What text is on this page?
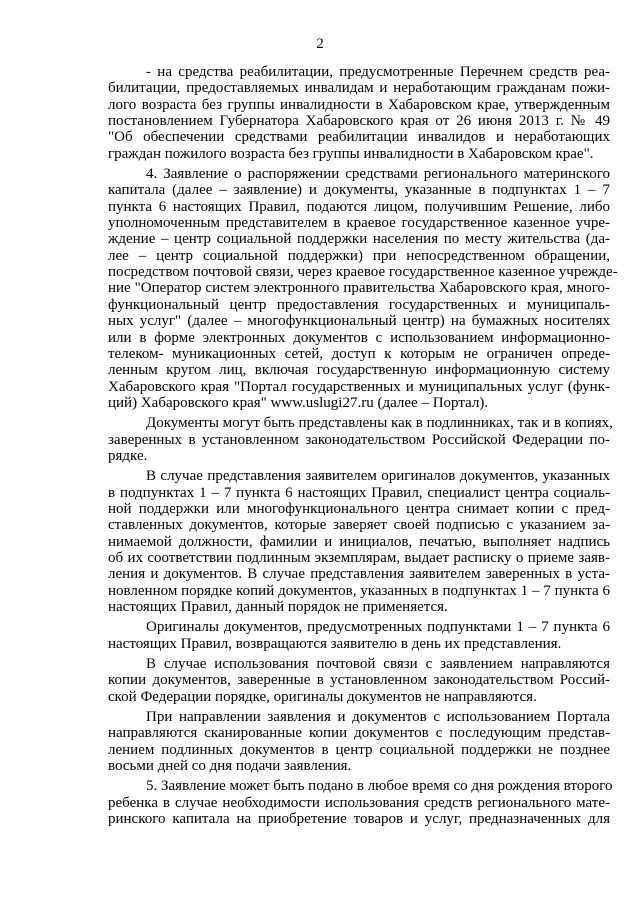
2
- на средства реабилитации, предусмотренные Перечнем средств реа-
билитации, предоставляемых инвалидам и неработающим гражданам пожи-
лого возраста без группы инвалидности в Хабаровском крае, утвержденным
постановлением Губернатора Хабаровского края от 26 июня 2013 г. № 49
"Об обеспечении средствами реабилитации инвалидов и неработающих
граждан пожилого возраста без группы инвалидности в Хабаровском крае".
4. Заявление о распоряжении средствами регионального материнского
капитала (далее – заявление) и документы, указанные в подпунктах 1 – 7
пункта 6 настоящих Правил, подаются лицом, получившим Решение, либо
уполномоченным представителем в краевое государственное казенное учре-
ждение – центр социальной поддержки населения по месту жительства (да-
лее – центр социальной поддержки) при непосредственном обращении,
посредством почтовой связи, через краевое государственное казенное учрежде-
ние "Оператор систем электронного правительства Хабаровского края, много-
функциональный центр предоставления государственных и муниципаль-
ных услуг" (далее – многофункциональный центр) на бумажных носителях
или в форме электронных документов с использованием информационно-
телеком- муникационных сетей, доступ к которым не ограничен опреде-
ленным кругом лиц, включая государственную информационную систему
Хабаровского края "Портал государственных и муниципальных услуг (функ-
ций) Хабаровского края" www.uslugi27.ru (далее – Портал).
Документы могут быть представлены как в подлинниках, так и в копиях,
заверенных в установленном законодательством Российской Федерации по-
рядке.
В случае представления заявителем оригиналов документов, указанных
в подпунктах 1 – 7 пункта 6 настоящих Правил, специалист центра социаль-
ной поддержки или многофункционального центра снимает копии с пред-
ставленных документов, которые заверяет своей подписью с указанием за-
нимаемой должности, фамилии и инициалов, печатью, выполняет надпись
об их соответствии подлинным экземплярам, выдает расписку о приеме заяв-
ления и документов. В случае представления заявителем заверенных в уста-
новленном порядке копий документов, указанных в подпунктах 1 – 7 пункта 6
настоящих Правил, данный порядок не применяется.
Оригиналы документов, предусмотренных подпунктами 1 – 7 пункта 6
настоящих Правил, возвращаются заявителю в день их представления.
В случае использования почтовой связи с заявлением направляются
копии документов, заверенные в установленном законодательством Россий-
ской Федерации порядке, оригиналы документов не направляются.
При направлении заявления и документов с использованием Портала
направляются сканированные копии документов с последующим представ-
лением подлинных документов в центр социальной поддержки не позднее
восьми дней со дня подачи заявления.
5. Заявление может быть подано в любое время со дня рождения второго
ребенка в случае необходимости использования средств регионального мате-
ринского капитала на приобретение товаров и услуг, предназначенных для
